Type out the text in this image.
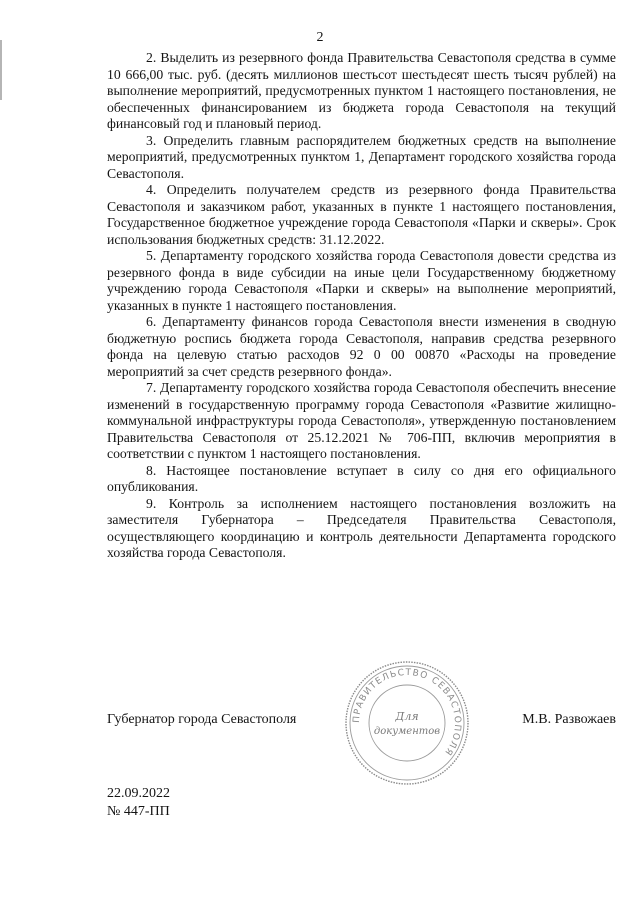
2

2. Выделить из резервного фонда Правительства Севастополя средства в сумме 10 666,00 тыс. руб. (десять миллионов шестьсот шестьдесят шесть тысяч рублей) на выполнение мероприятий, предусмотренных пунктом 1 настоящего постановления, не обеспеченных финансированием из бюджета города Севастополя на текущий финансовый год и плановый период.

3. Определить главным распорядителем бюджетных средств на выполнение мероприятий, предусмотренных пунктом 1, Департамент городского хозяйства города Севастополя.

4. Определить получателем средств из резервного фонда Правительства Севастополя и заказчиком работ, указанных в пункте 1 настоящего постановления, Государственное бюджетное учреждение города Севастополя «Парки и скверы». Срок использования бюджетных средств: 31.12.2022.

5. Департаменту городского хозяйства города Севастополя довести средства из резервного фонда в виде субсидии на иные цели Государственному бюджетному учреждению города Севастополя «Парки и скверы» на выполнение мероприятий, указанных в пункте 1 настоящего постановления.

6. Департаменту финансов города Севастополя внести изменения в сводную бюджетную роспись бюджета города Севастополя, направив средства резервного фонда на целевую статью расходов 92 0 00 00870 «Расходы на проведение мероприятий за счет средств резервного фонда».

7. Департаменту городского хозяйства города Севастополя обеспечить внесение изменений в государственную программу города Севастополя «Развитие жилищно-коммунальной инфраструктуры города Севастополя», утвержденную постановлением Правительства Севастополя от 25.12.2021 № 706-ПП, включив мероприятия в соответствии с пунктом 1 настоящего постановления.

8. Настоящее постановление вступает в силу со дня его официального опубликования.

9. Контроль за исполнением настоящего постановления возложить на заместителя Губернатора – Председателя Правительства Севастополя, осуществляющего координацию и контроль деятельности Департамента городского хозяйства города Севастополя.

Губернатор города Севастополя	М.В. Развожаев
ПРАВИТЕЛЬСТВО СЕВАСТОПОЛЯ
Для
документов
22.09.2022
№ 447-ПП
